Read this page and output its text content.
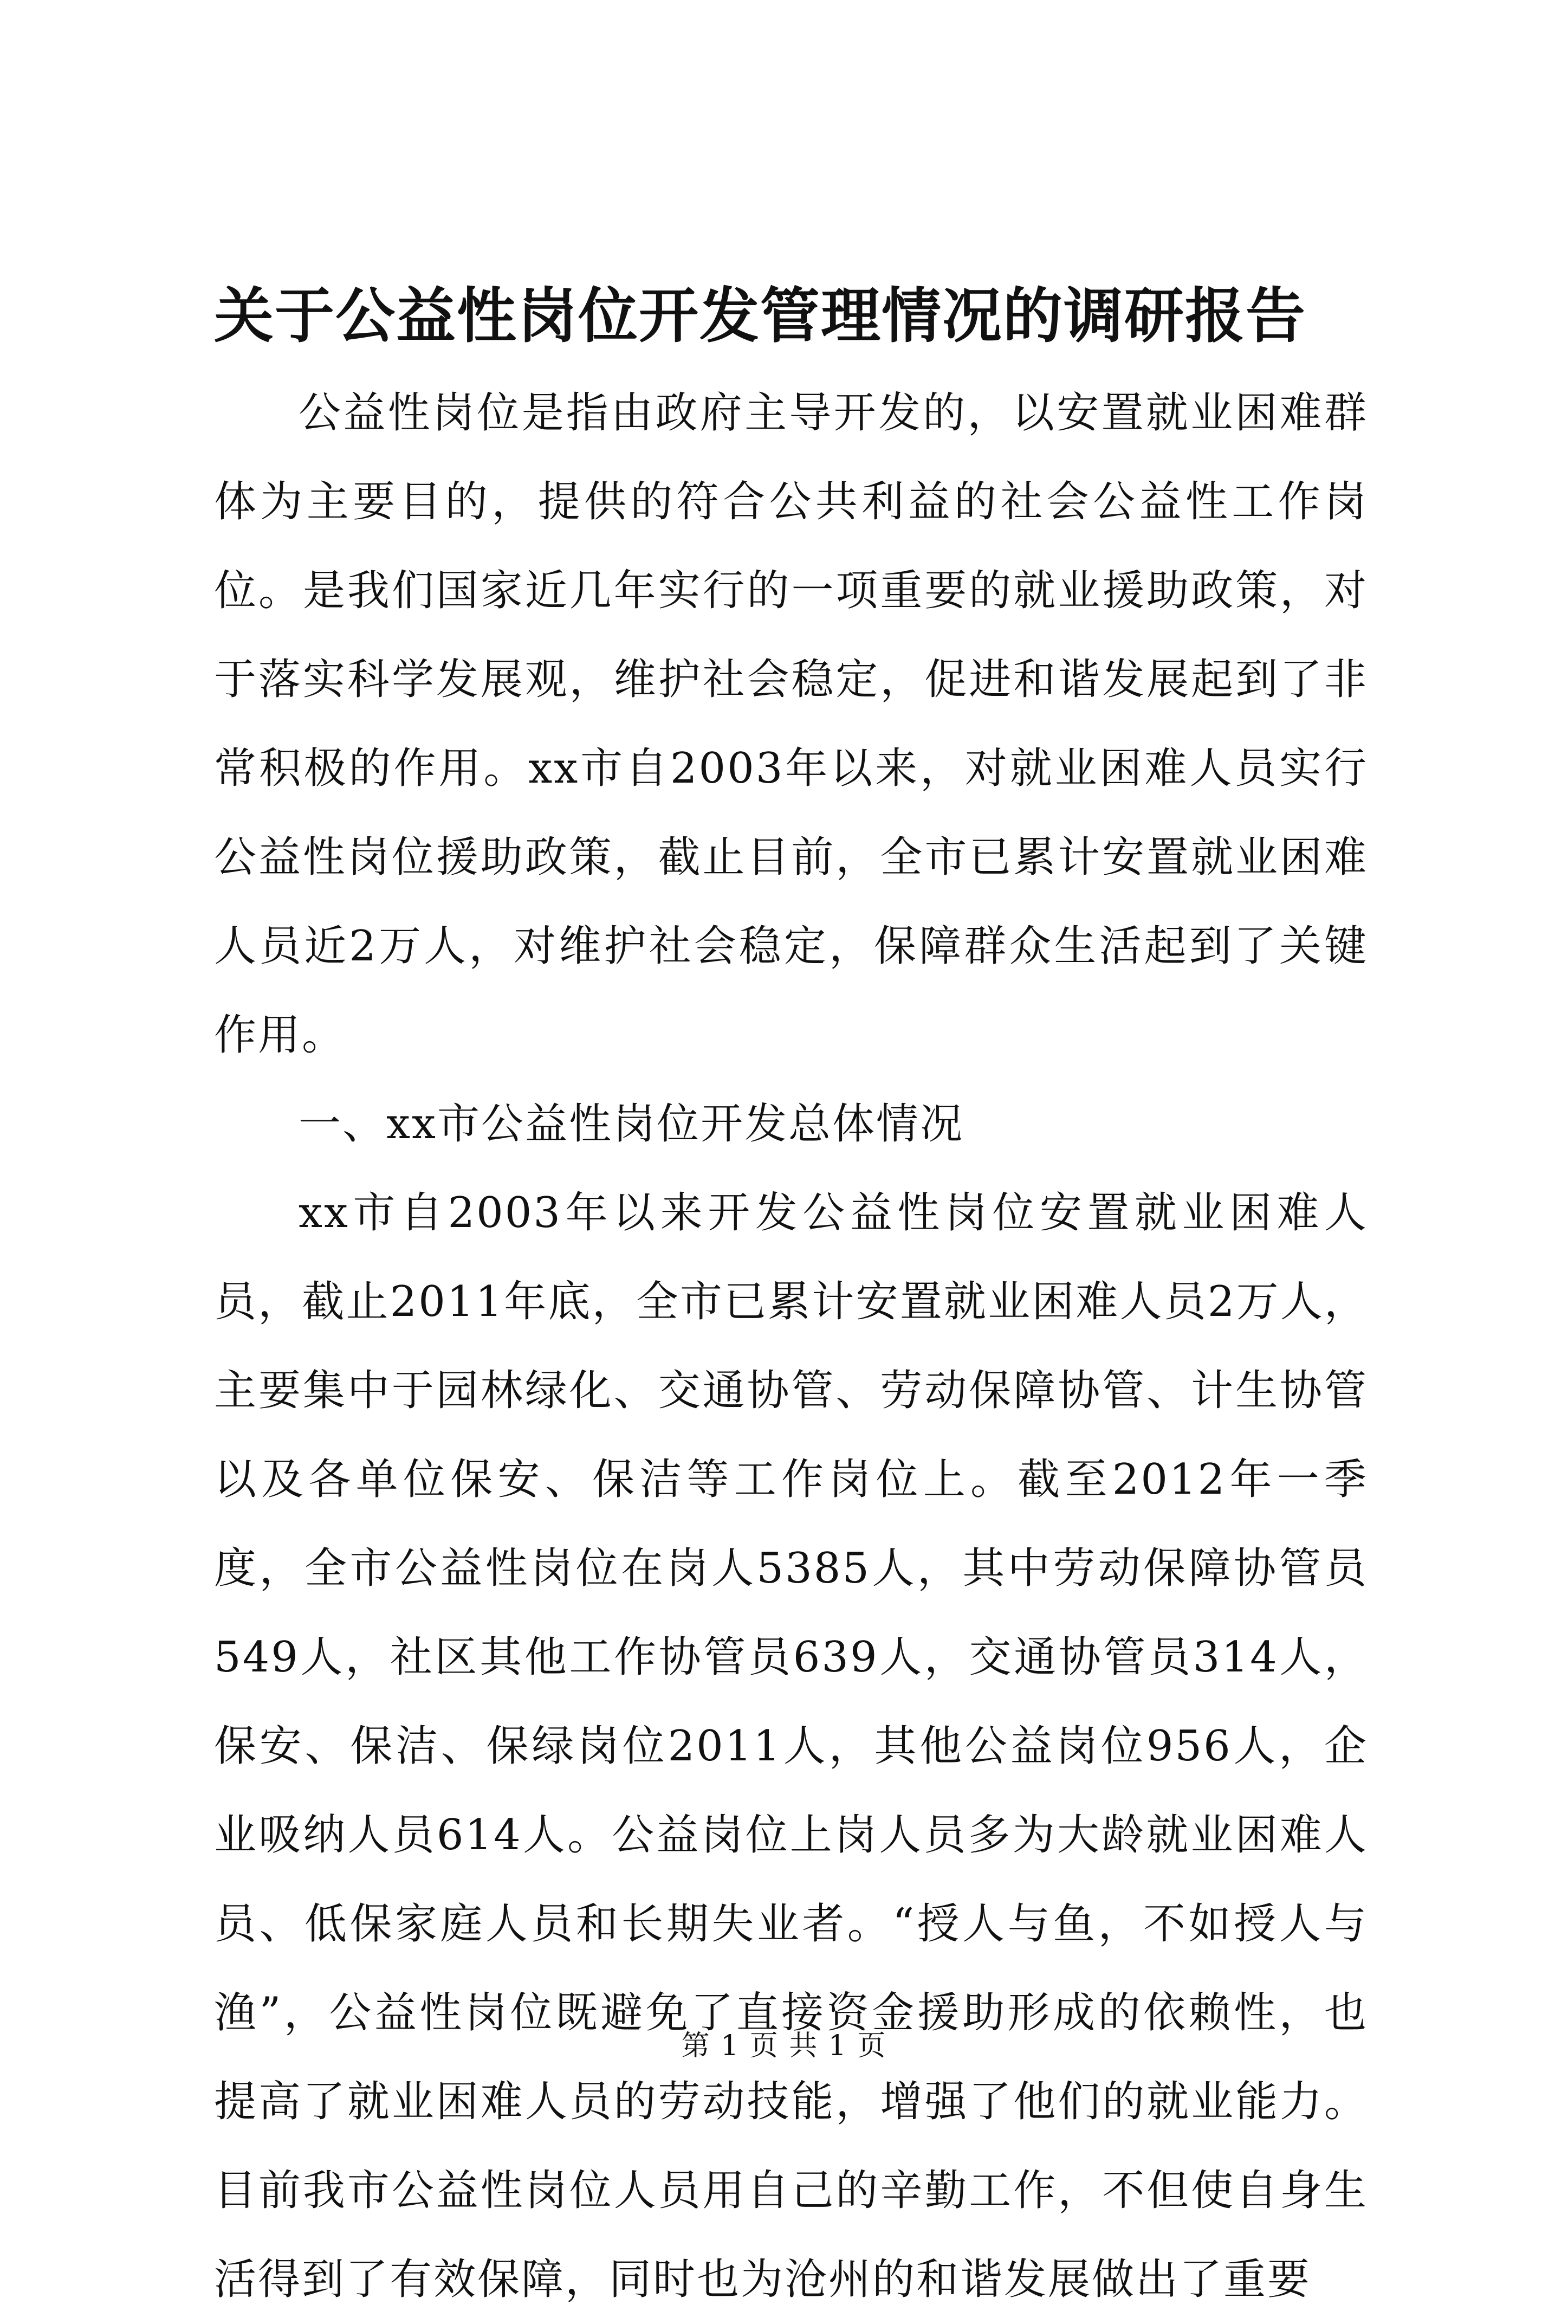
关于公益性岗位开发管理情况的调研报告

公益性岗位是指由政府主导开发的，以安置就业困难群体为主要目的，提供的符合公共利益的社会公益性工作岗位。是我们国家近几年实行的一项重要的就业援助政策，对于落实科学发展观，维护社会稳定，促进和谐发展起到了非常积极的作用。xx市自2003年以来，对就业困难人员实行公益性岗位援助政策，截止目前，全市已累计安置就业困难人员近2万人，对维护社会稳定，保障群众生活起到了关键作用。

一、xx市公益性岗位开发总体情况

xx市自2003年以来开发公益性岗位安置就业困难人员，截止2011年底，全市已累计安置就业困难人员2万人，主要集中于园林绿化、交通协管、劳动保障协管、计生协管以及各单位保安、保洁等工作岗位上。截至2012年一季度，全市公益性岗位在岗人5385人，其中劳动保障协管员549人，社区其他工作协管员639人，交通协管员314人，保安、保洁、保绿岗位2011人，其他公益岗位956人，企业吸纳人员614人。公益岗位上岗人员多为大龄就业困难人员、低保家庭人员和长期失业者。“授人与鱼，不如授人与渔”，公益性岗位既避免了直接资金援助形成的依赖性，也提高了就业困难人员的劳动技能，增强了他们的就业能力。目前我市公益性岗位人员用自己的辛勤工作，不但使自身生活得到了有效保障，同时也为沧州的和谐发展做出了重要

第 1 页 共 1 页
